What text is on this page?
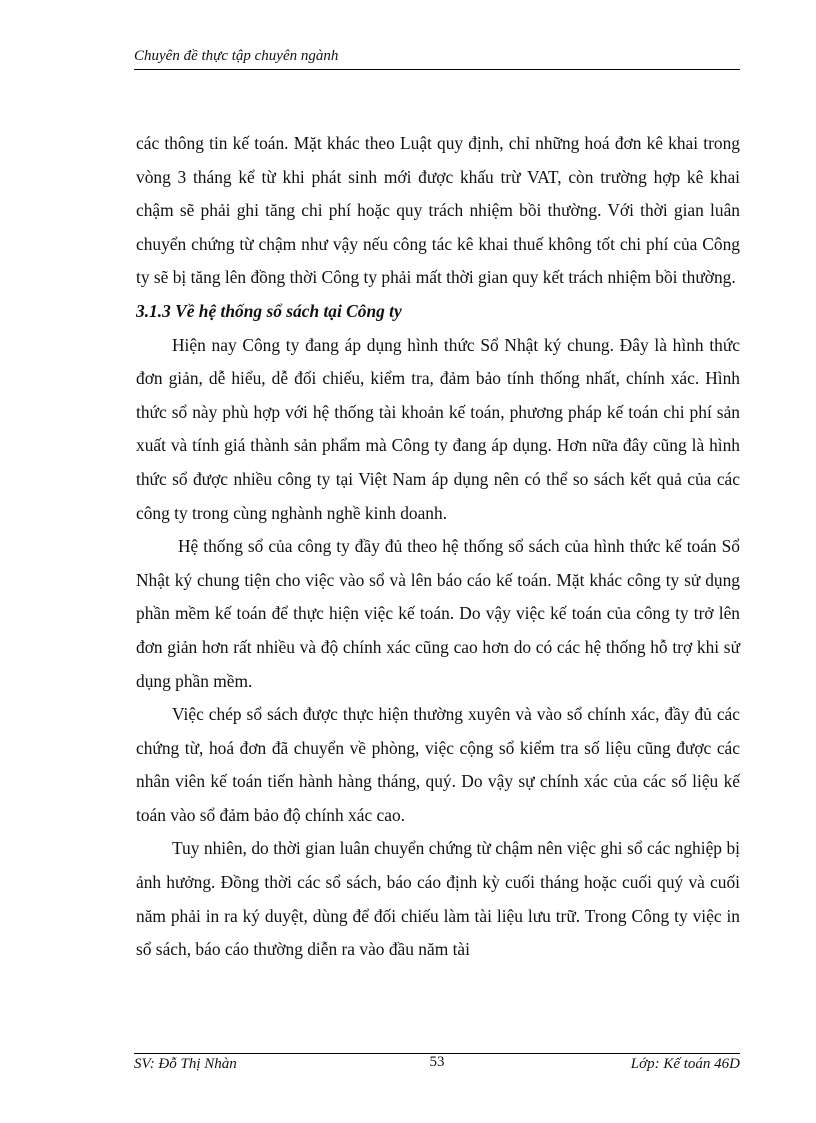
Chuyên đề thực tập chuyên ngành

các thông tin kế toán. Mặt khác theo Luật quy định, chỉ những hoá đơn kê khai trong vòng 3 tháng kể từ khi phát sinh mới được khấu trừ VAT, còn trường hợp kê khai chậm sẽ phải ghi tăng chi phí hoặc quy trách nhiệm bồi thường. Với thời gian luân chuyển chứng từ chậm như vậy nếu công tác kê khai thuế không tốt chi phí của Công ty sẽ bị tăng lên đồng thời Công ty phải mất thời gian quy kết trách nhiệm bồi thường.

3.1.3 Về hệ thống sổ sách tại Công ty

Hiện nay Công ty đang áp dụng hình thức Sổ Nhật ký chung. Đây là hình thức đơn giản, dễ hiểu, dễ đối chiếu, kiểm tra, đảm bảo tính thống nhất, chính xác. Hình thức sổ này phù hợp với hệ thống tài khoản kế toán, phương pháp kế toán chi phí sản xuất và tính giá thành sản phẩm mà Công ty đang áp dụng. Hơn nữa đây cũng là hình thức sổ được nhiều công ty tại Việt Nam áp dụng nên có thể so sách kết quả của các công ty trong cùng nghành nghề kinh doanh.

Hệ thống sổ của công ty đầy đủ theo hệ thống sổ sách của hình thức kế toán Sổ Nhật ký chung tiện cho việc vào sổ và lên báo cáo kế toán. Mặt khác công ty sử dụng phần mềm kế toán để thực hiện việc kế toán. Do vậy việc kế toán của công ty trở lên đơn giản hơn rất nhiều và độ chính xác cũng cao hơn do có các hệ thống hỗ trợ khi sử dụng phần mềm.

Việc chép sổ sách được thực hiện thường xuyên và vào sổ chính xác, đầy đủ các chứng từ, hoá đơn đã chuyển về phòng, việc cộng sổ kiểm tra số liệu cũng được các nhân viên kế toán tiến hành hàng tháng, quý. Do vậy sự chính xác của các số liệu kế toán vào sổ đảm bảo độ chính xác cao.

Tuy nhiên, do thời gian luân chuyển chứng từ chậm nên việc ghi sổ các nghiệp bị ảnh hưởng. Đồng thời các sổ sách, báo cáo định kỳ cuối tháng hoặc cuối quý và cuối năm phải in ra ký duyệt, dùng để đối chiếu làm tài liệu lưu trữ. Trong Công ty việc in sổ sách, báo cáo thường diễn ra vào đầu năm tài

SV: Đỗ Thị Nhàn	53	Lớp: Kế toán 46D
